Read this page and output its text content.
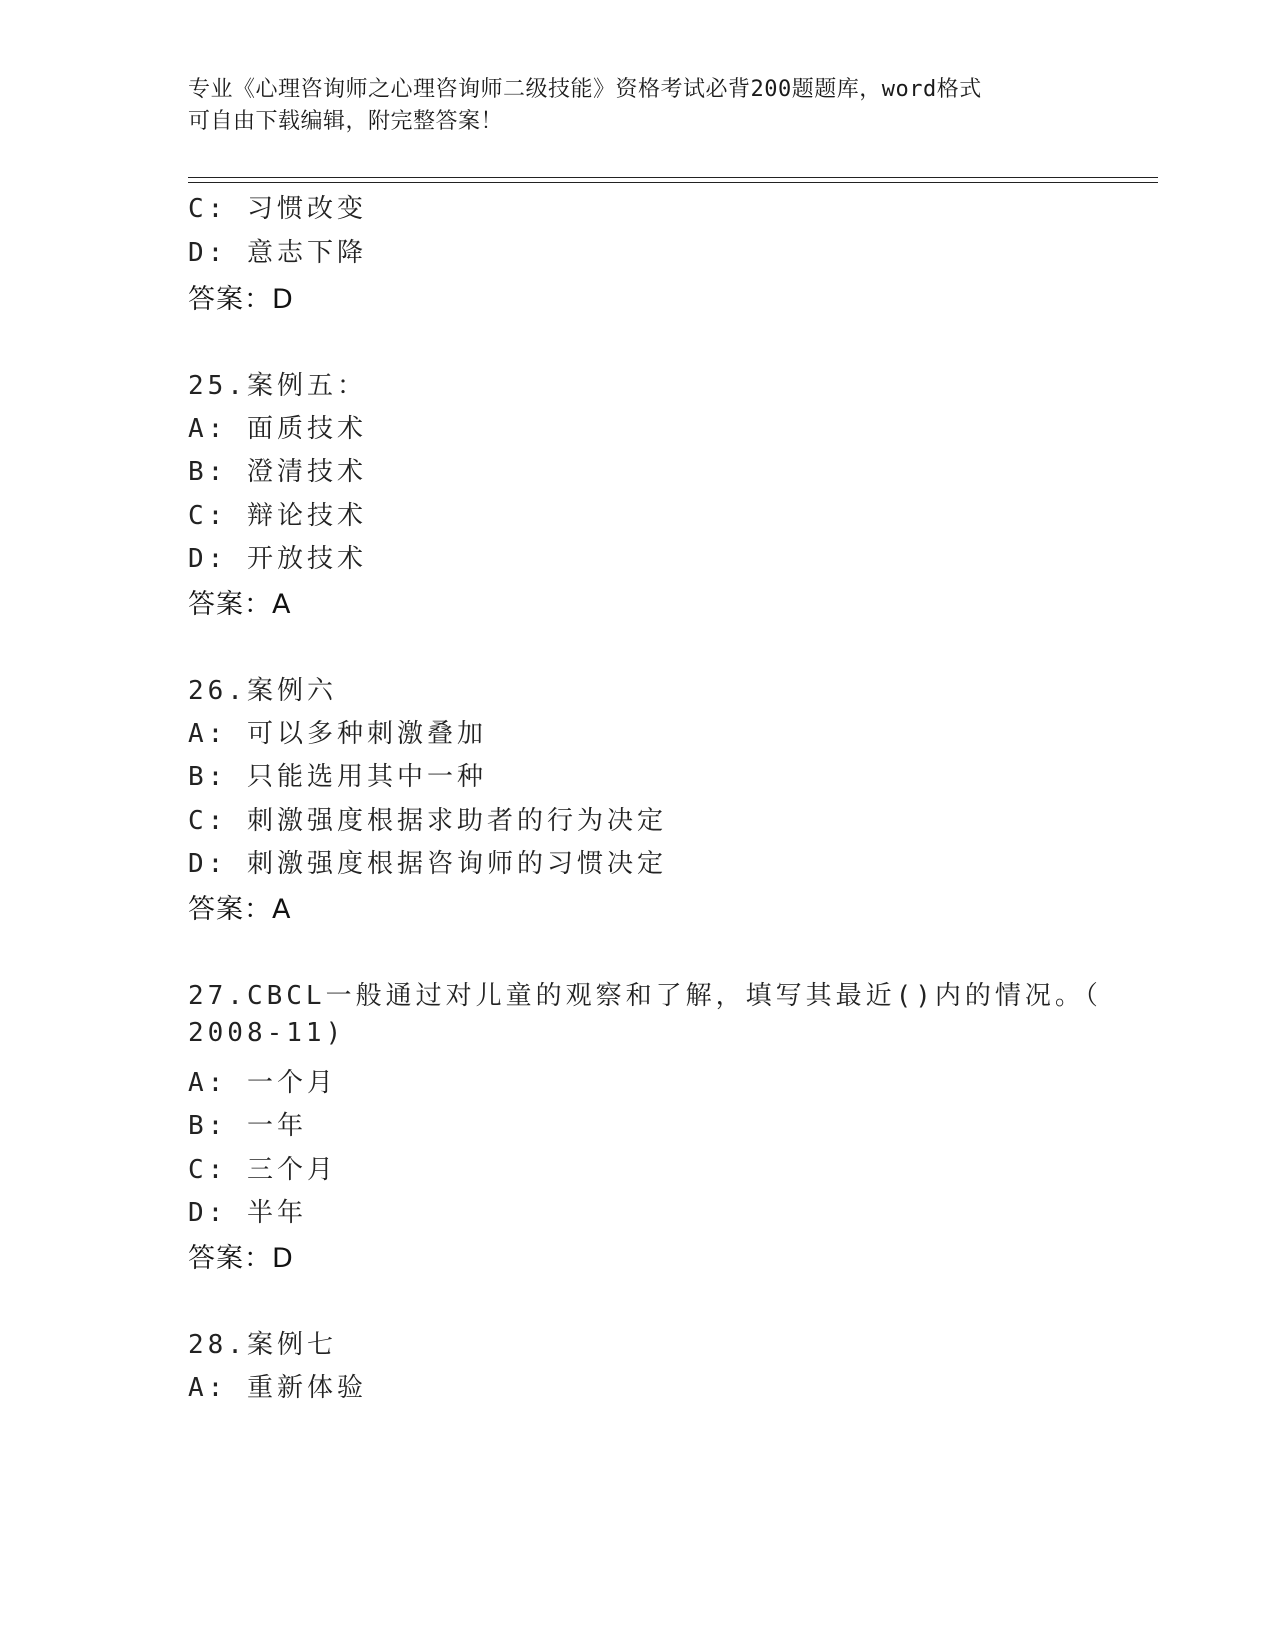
专业《心理咨询师之心理咨询师二级技能》资格考试必背200题题库，word格式
可自由下载编辑，附完整答案！
C: 习惯改变
D: 意志下降
答案：D
25.案例五：
A: 面质技术
B: 澄清技术
C: 辩论技术
D: 开放技术
答案：A
26.案例六
A: 可以多种刺激叠加
B: 只能选用其中一种
C: 刺激强度根据求助者的行为决定
D: 刺激强度根据咨询师的习惯决定
答案：A
27.CBCL一般通过对儿童的观察和了解，填写其最近()内的情况。（
2008-11)
A: 一个月
B: 一年
C: 三个月
D: 半年
答案：D
28.案例七
A: 重新体验
